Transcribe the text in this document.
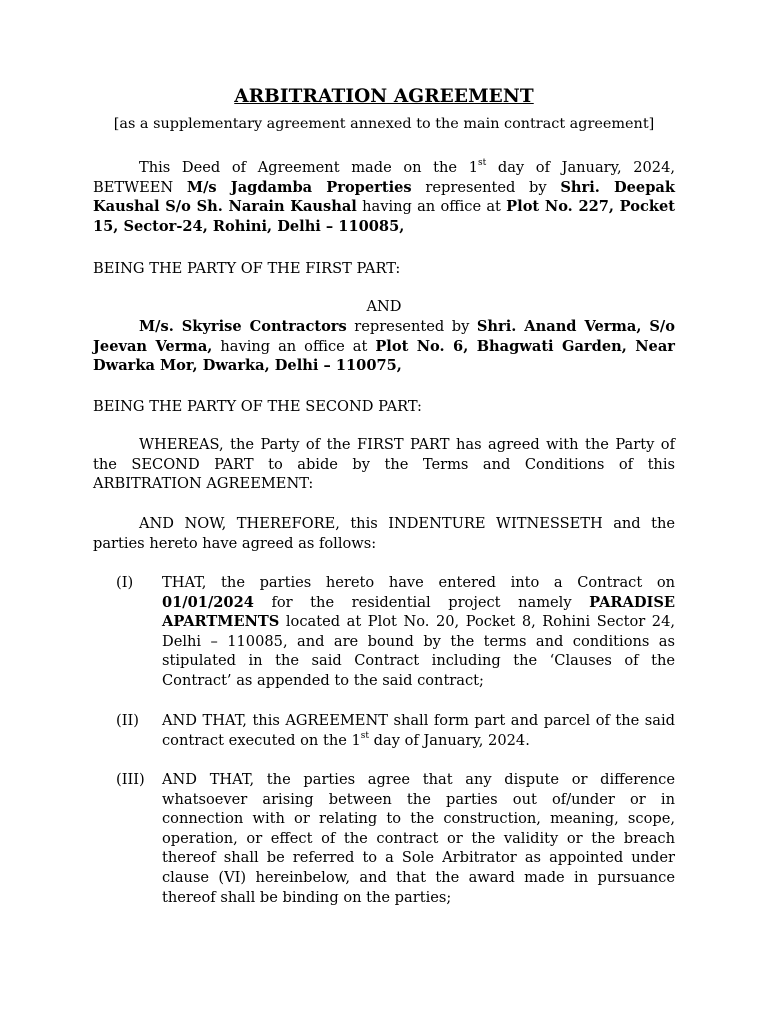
ARBITRATION AGREEMENT
[as a supplementary agreement annexed to the main contract agreement]
This Deed of Agreement made on the 1st day of January, 2024, BETWEEN M/s Jagdamba Properties represented by Shri. Deepak Kaushal S/o Sh. Narain Kaushal having an office at Plot No. 227, Pocket 15, Sector-24, Rohini, Delhi – 110085,
BEING THE PARTY OF THE FIRST PART:
AND
M/s. Skyrise Contractors represented by Shri. Anand Verma, S/o Jeevan Verma, having an office at Plot No. 6, Bhagwati Garden, Near Dwarka Mor, Dwarka, Delhi – 110075,
BEING THE PARTY OF THE SECOND PART:
WHEREAS, the Party of the FIRST PART has agreed with the Party of the SECOND PART to abide by the Terms and Conditions of this ARBITRATION AGREEMENT:
AND NOW, THEREFORE, this INDENTURE WITNESSETH and the parties hereto have agreed as follows:
(I) THAT, the parties hereto have entered into a Contract on 01/01/2024 for the residential project namely PARADISE APARTMENTS located at Plot No. 20, Pocket 8, Rohini Sector 24, Delhi – 110085, and are bound by the terms and conditions as stipulated in the said Contract including the ‘Clauses of the Contract’ as appended to the said contract;
(II) AND THAT, this AGREEMENT shall form part and parcel of the said contract executed on the 1st day of January, 2024.
(III) AND THAT, the parties agree that any dispute or difference whatsoever arising between the parties out of/under or in connection with or relating to the construction, meaning, scope, operation, or effect of the contract or the validity or the breach thereof shall be referred to a Sole Arbitrator as appointed under clause (VI) hereinbelow, and that the award made in pursuance thereof shall be binding on the parties;
